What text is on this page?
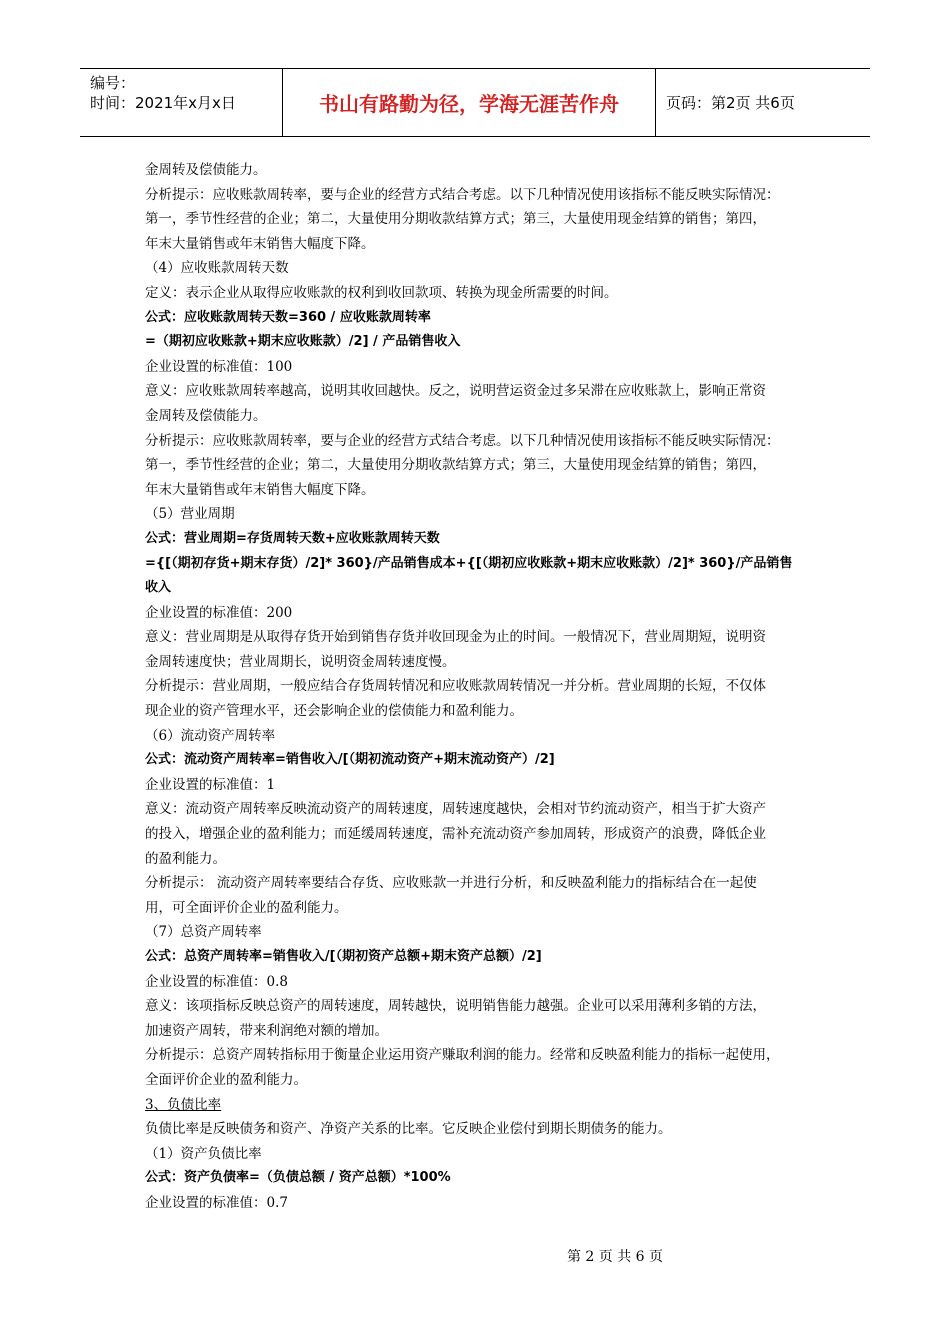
编号：
时间：2021年x月x日	书山有路勤为径，学海无涯苦作舟	页码：第2页 共6页

金周转及偿债能力。

分析提示：应收账款周转率，要与企业的经营方式结合考虑。以下几种情况使用该指标不能反映实际情况：

第一，季节性经营的企业；第二，大量使用分期收款结算方式；第三，大量使用现金结算的销售；第四，

年末大量销售或年末销售大幅度下降。

（4）应收账款周转天数

定义：表示企业从取得应收账款的权利到收回款项、转换为现金所需要的时间。

公式：应收账款周转天数=360 / 应收账款周转率

=（期初应收账款+期末应收账款）/2] / 产品销售收入

企业设置的标准值：100

意义：应收账款周转率越高，说明其收回越快。反之，说明营运资金过多呆滞在应收账款上，影响正常资

金周转及偿债能力。

分析提示：应收账款周转率，要与企业的经营方式结合考虑。以下几种情况使用该指标不能反映实际情况：

第一，季节性经营的企业；第二，大量使用分期收款结算方式；第三，大量使用现金结算的销售；第四，

年末大量销售或年末销售大幅度下降。

（5）营业周期

公式：营业周期=存货周转天数+应收账款周转天数

={[（期初存货+期末存货）/2]* 360}/产品销售成本+{[（期初应收账款+期末应收账款）/2]* 360}/产品销售

收入

企业设置的标准值：200

意义：营业周期是从取得存货开始到销售存货并收回现金为止的时间。一般情况下，营业周期短，说明资

金周转速度快；营业周期长，说明资金周转速度慢。

分析提示：营业周期，一般应结合存货周转情况和应收账款周转情况一并分析。营业周期的长短，不仅体

现企业的资产管理水平，还会影响企业的偿债能力和盈利能力。

（6）流动资产周转率

公式：流动资产周转率=销售收入/[（期初流动资产+期末流动资产）/2]

企业设置的标准值：1

意义：流动资产周转率反映流动资产的周转速度，周转速度越快，会相对节约流动资产，相当于扩大资产

的投入，增强企业的盈利能力；而延缓周转速度，需补充流动资产参加周转，形成资产的浪费，降低企业

的盈利能力。

分析提示： 流动资产周转率要结合存货、应收账款一并进行分析，和反映盈利能力的指标结合在一起使

用，可全面评价企业的盈利能力。

（7）总资产周转率

公式：总资产周转率=销售收入/[（期初资产总额+期末资产总额）/2]

企业设置的标准值：0.8

意义：该项指标反映总资产的周转速度，周转越快，说明销售能力越强。企业可以采用薄利多销的方法，

加速资产周转，带来利润绝对额的增加。

分析提示：总资产周转指标用于衡量企业运用资产赚取利润的能力。经常和反映盈利能力的指标一起使用，

全面评价企业的盈利能力。

3、负债比率

负债比率是反映债务和资产、净资产关系的比率。它反映企业偿付到期长期债务的能力。

（1）资产负债比率

公式：资产负债率=（负债总额 / 资产总额）*100%

企业设置的标准值：0.7

第 2 页 共 6 页
